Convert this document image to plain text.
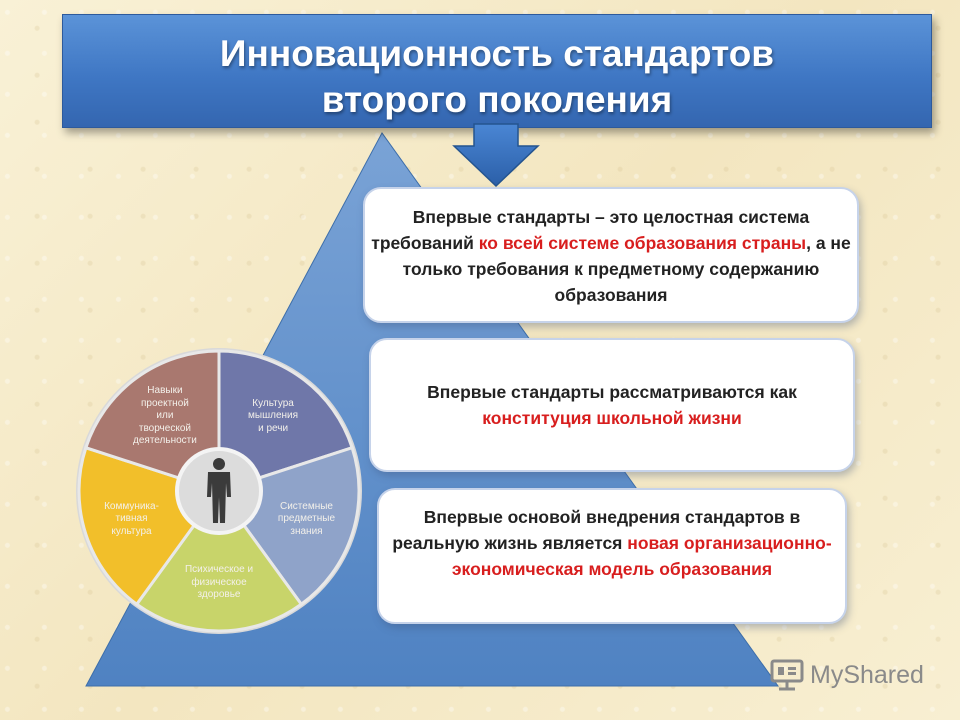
Инновационность стандартов
второго поколения
Впервые стандарты – это целостная система требований ко всей системе образования страны, а не только требования к предметному содержанию образования
Впервые стандарты рассматриваются как
конституция школьной жизни
Впервые основой внедрения стандартов в реальную жизнь является новая организационно-экономическая модель образования
Культура
мышления
и речи
Системные
предметные
знания
Психическое и
физическое
здоровье
Коммуника-
тивная
культура
Навыки
проектной
или
творческой
деятельности
MyShared
